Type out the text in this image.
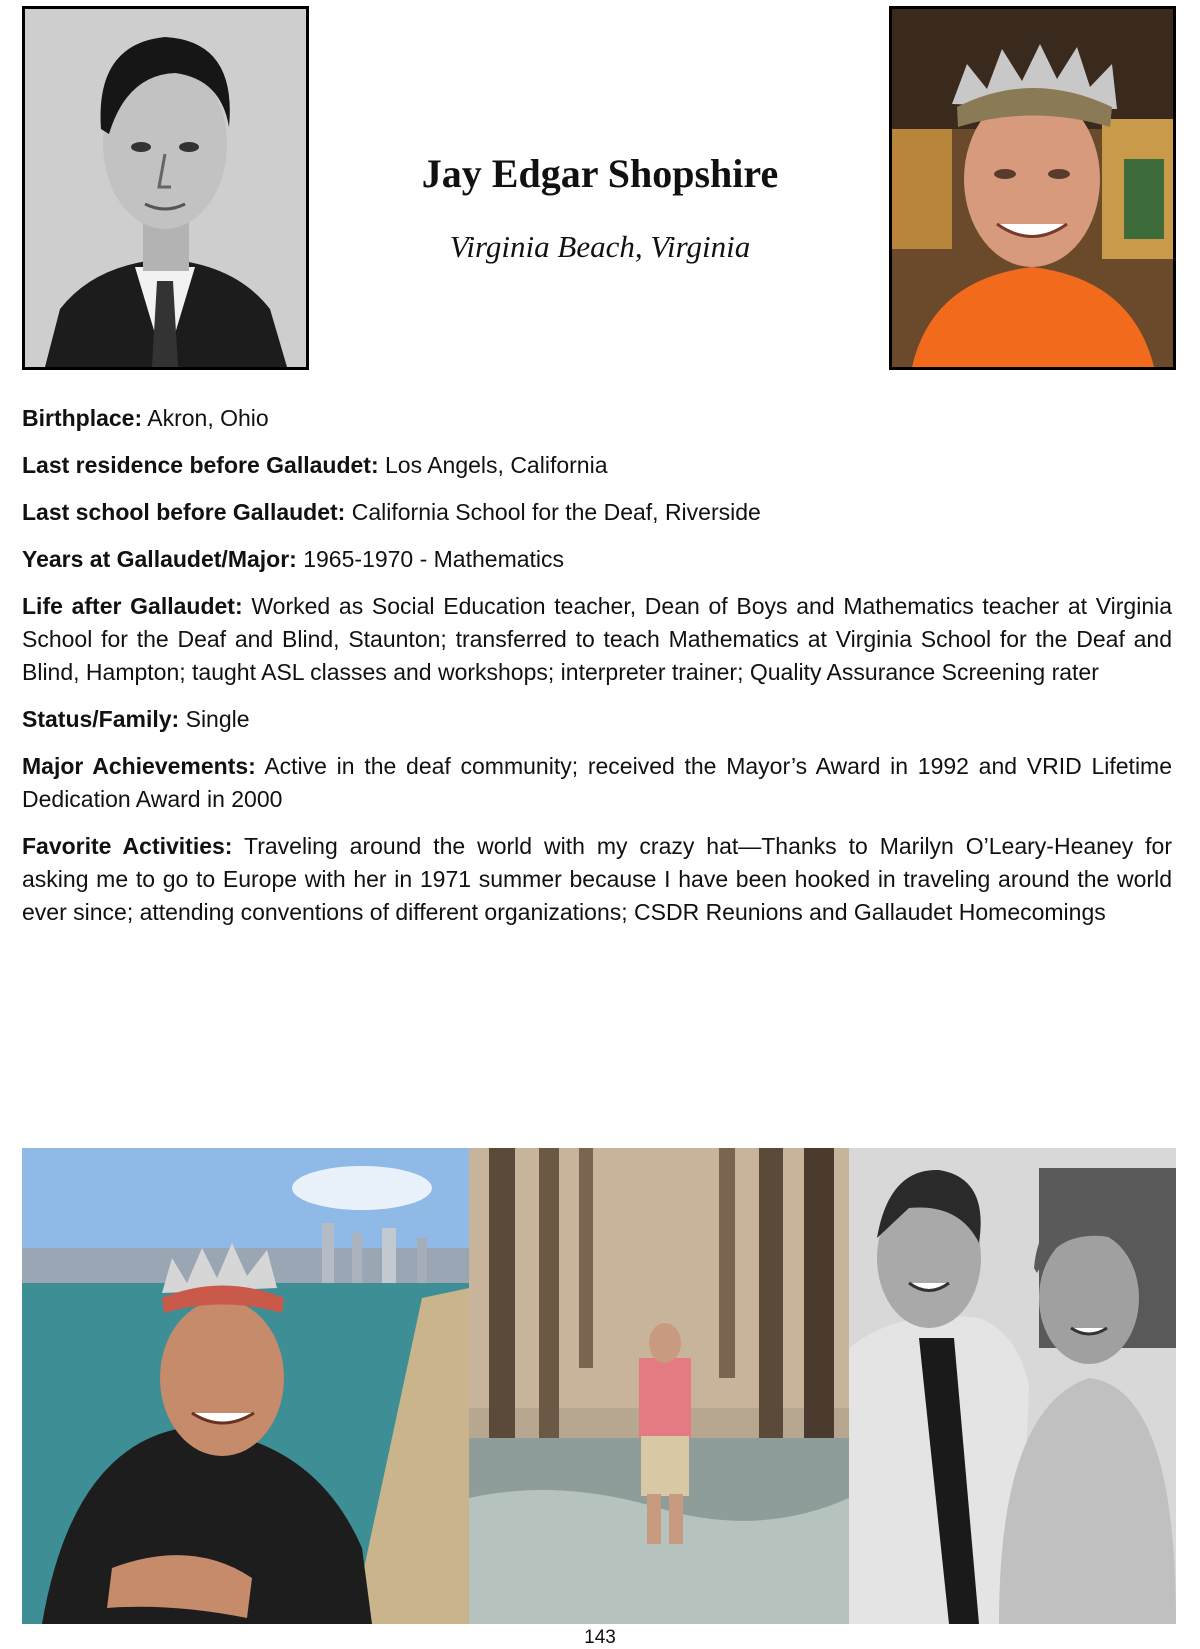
Jay Edgar Shopshire
Virginia Beach, Virginia

Birthplace: Akron, Ohio

Last residence before Gallaudet: Los Angels, California

Last school before Gallaudet: California School for the Deaf, Riverside

Years at Gallaudet/Major: 1965-1970 - Mathematics

Life after Gallaudet: Worked as Social Education teacher, Dean of Boys and Mathematics teacher at Virginia School for the Deaf and Blind, Staunton; transferred to teach Mathematics at Virginia School for the Deaf and Blind, Hampton; taught ASL classes and workshops; interpreter trainer; Quality Assurance Screening rater

Status/Family: Single

Major Achievements: Active in the deaf community; received the Mayor’s Award in 1992 and VRID Lifetime Dedication Award in 2000

Favorite Activities: Traveling around the world with my crazy hat—Thanks to Marilyn O’Leary-Heaney for asking me to go to Europe with her in 1971 summer because I have been hooked in traveling around the world ever since; attending conventions of different organizations; CSDR Reunions and Gallaudet Homecomings

143
